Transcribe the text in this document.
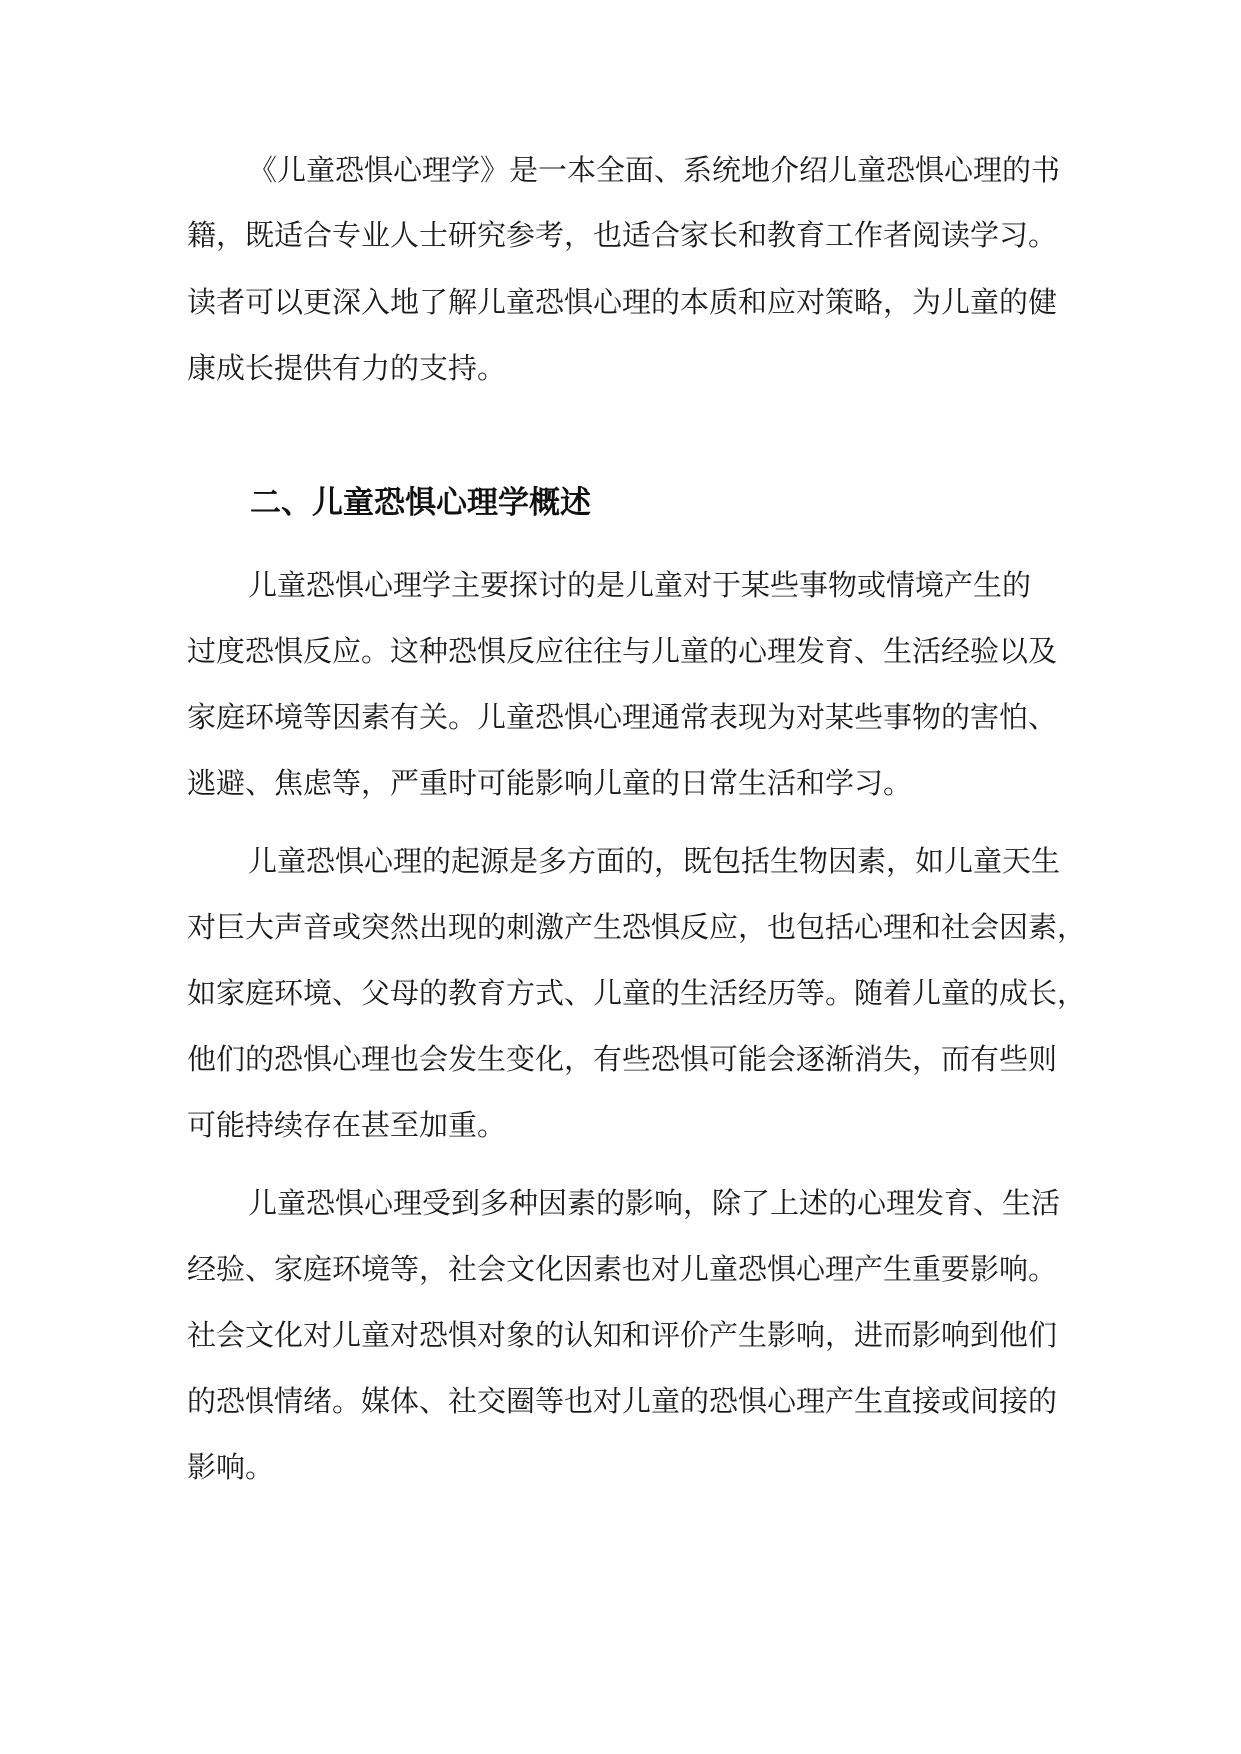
《儿童恐惧心理学》是一本全面、系统地介绍儿童恐惧心理的书
籍，既适合专业人士研究参考，也适合家长和教育工作者阅读学习。
读者可以更深入地了解儿童恐惧心理的本质和应对策略，为儿童的健
康成长提供有力的支持。
二、儿童恐惧心理学概述
儿童恐惧心理学主要探讨的是儿童对于某些事物或情境产生的
过度恐惧反应。这种恐惧反应往往与儿童的心理发育、生活经验以及
家庭环境等因素有关。儿童恐惧心理通常表现为对某些事物的害怕、
逃避、焦虑等，严重时可能影响儿童的日常生活和学习。
儿童恐惧心理的起源是多方面的，既包括生物因素，如儿童天生
对巨大声音或突然出现的刺激产生恐惧反应，也包括心理和社会因素，
如家庭环境、父母的教育方式、儿童的生活经历等。随着儿童的成长，
他们的恐惧心理也会发生变化，有些恐惧可能会逐渐消失，而有些则
可能持续存在甚至加重。
儿童恐惧心理受到多种因素的影响，除了上述的心理发育、生活
经验、家庭环境等，社会文化因素也对儿童恐惧心理产生重要影响。
社会文化对儿童对恐惧对象的认知和评价产生影响，进而影响到他们
的恐惧情绪。媒体、社交圈等也对儿童的恐惧心理产生直接或间接的
影响。
